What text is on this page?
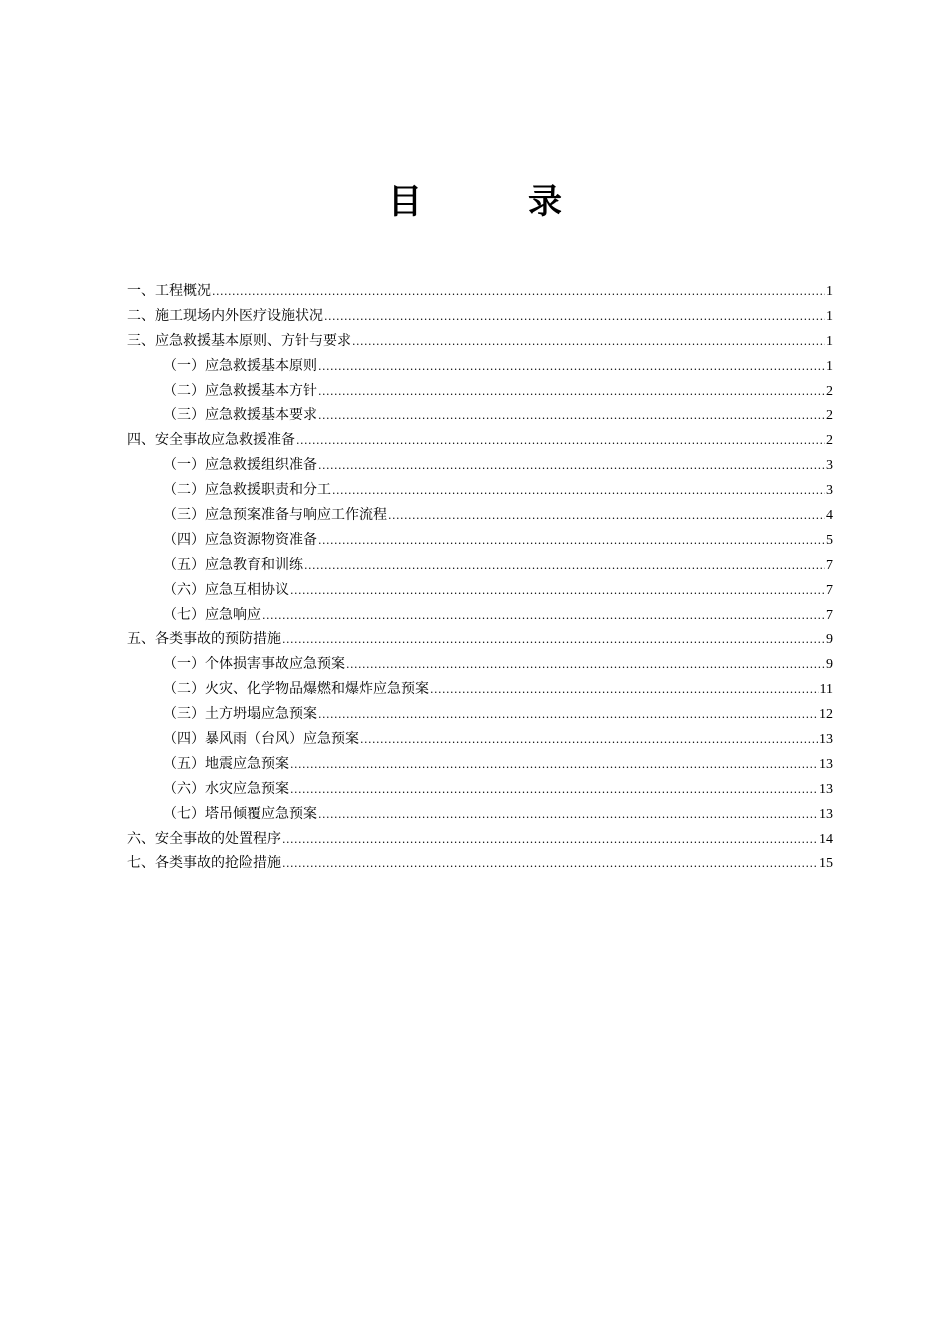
目　录
一、工程概况 .....	1
二、施工现场内外医疗设施状况 .....	1
三、应急救援基本原则、方针与要求 .....	1
（一）应急救援基本原则 .....	1
（二）应急救援基本方针 .....	2
（三）应急救援基本要求 .....	2
四、安全事故应急救援准备 .....	2
（一）应急救援组织准备 .....	3
（二）应急救援职责和分工 .....	3
（三）应急预案准备与响应工作流程 .....	4
（四）应急资源物资准备 .....	5
（五）应急教育和训练 .....	7
（六）应急互相协议 .....	7
（七）应急响应 .....	7
五、各类事故的预防措施 .....	9
（一）个体损害事故应急预案 .....	9
（二）火灾、化学物品爆燃和爆炸应急预案 .....	11
（三）土方坍塌应急预案 .....	12
（四）暴风雨（台风）应急预案 .....	13
（五）地震应急预案 .....	13
（六）水灾应急预案 .....	13
（七）塔吊倾覆应急预案 .....	13
六、安全事故的处置程序 .....	14
七、各类事故的抢险措施 .....	15
